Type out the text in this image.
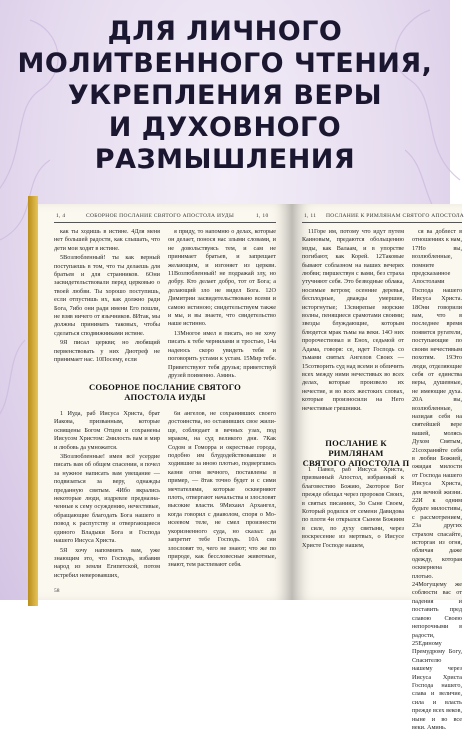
ДЛЯ ЛИЧНОГО
МОЛИТВЕННОГО ЧТЕНИЯ,
УКРЕПЛЕНИЯ ВЕРЫ
И ДУХОВНОГО
РАЗМЫШЛЕНИЯ
1, 4	СОБОРНОЕ ПОСЛАНИЕ СВЯТОГО АПОСТОЛА ИУДЫ	1, 10

как ты ходишь в истине. 4Для меня нет большей радости, как слышать, что дети мои ходят в истине.

5Возлюбленный! ты как верный поступаешь в том, что ты делаешь для братьев и для странников. 6Они засвидетельствовали перед церковью о твоей любви. Ты хорошо поступишь, если отпустишь их, как должно ради Бога, 7ибо они ради имени Его пошли, не взяв ничего от язычников. 8Итак, мы должны принимать таковых, чтобы сделаться сподвижниками истине.

9Я писал церкви; но любящий первенствовать у них Диотреф не принимает нас. 10Посему, если

я приду, то напомню о делах, которые он делает, понося нас злыми словами, и не довольствуясь тем, и сам не принимает братьев, и запрещает желающим, и изгоняет из церкви. 11Возлюбленный! не подражай злу, но добру. Кто делает добро, тот от Бога; а делающий зло не видел Бога. 12О Димитрии засвидетельствовано всеми и самою истиною; свидетельствуем также и мы, и вы знаете, что свидетельство наше истинно.

13Многое имел я писать, но не хочу писать к тебе чернилами и тростью, 14а надеюсь скоро увидеть тебя и поговорить устами к устам. 15Мир тебе. Приветствуют тебя друзья; приветствуй друзей поименно. Аминь.

СОБОРНОЕ ПОСЛАНИЕ СВЯТОГО
АПОСТОЛА ИУДЫ

1 Иуда, раб Иисуса Христа, брат Иакова, призванным, которые освящены Богом Отцем и сохранены Иисусом Христом: 2милость вам и мир и любовь да умножатся.

3Возлюбленные! имея всё усердие писать вам об общем спасении, я почел за нужное написать вам увещание — подвизаться за веру, однажды преданную святым. 4Ибо вкрались некоторые люди, издревле предназначенные к сему осуждению, нечестивые, обращающие благодать Бога нашего в повод к распутству и отвергающиеся единого Владыки Бога и Господа нашего Иисуса Христа.

5Я хочу напомнить вам, уже знающим это, что Господь, избавив народ из земли Египетской, потом истребил неверовавших,

6и ангелов, не сохранивших своего достоинства, но оставивших свое жилище, соблюдает в вечных узах, под мраком, на суд великого дня. 7Как Содом и Гоморра и окрестные города, подобно им блудодействовавшие и ходившие за иною плотью, подвергшись казни огня вечного, поставлены в пример, — 8так точно будет и с сими мечтателями, которые оскверняют плоть, отвергают начальства и злословят высокие власти. 9Михаил Архангел, когда говорил с диаволом, споря о Моисеевом теле, не смел произнести укоризненного суда, но сказал: да запретит тебе Господь. 10А сии злословят то, чего не знают; что же по природе, как бессловесные животные, знают, тем растлевают себя.

58
1, 11 ПОСЛАНИЕ К РИМЛЯНАМ СВЯТОГО АПОСТОЛА

11Горе им, потому что идут путем Каиновым, предаются обольщению мзды, как Валаам, и в упорстве погибают, как Корей. 12Таковые бывают соблазном на ваших вечерях любви; пиршествуя с вами, без страха утучняют себя. Это безводные облака, носимые ветром; осенние деревья, бесплодные, дважды умершие, исторгнутые; 13свирепые морские волны, пенящиеся срамотами своими; звезды блуждающие, которым блюдется мрак тьмы на веки. 14О них пророчествовал и Енох, седьмой от Адама, говоря: се, идет Господь со тьмами святых Ангелов Своих — 15сотворить суд над всеми и обличить всех между ними нечестивых во всех делах, которые произвело их нечестие, и во всех жестоких словах, которые произносили на Него нечестивые грешники.

ся ва доблест в отношениях к нам, 17Но вы, возлюбленные, помните предсказанное Апостолами Господа нашего Иисуса Христа. 18Они говорили вам, что в последнее время появятся ругатели, поступающие по своим нечестивым похотям. 19Это люди, отделяющие себя от единства веры, душевные, не имеющие духа. 20А вы, возлюбленные, назидая себя на святейшей вере вашей, молясь Духом Святым, 21сохраняйте себя в любви Божией, ожидая милости от Господа нашего Иисуса Христа, для вечной жизни. 22И к одним будьте милостивы, с рассмотрением, 23а других страхом спасайте, исторгая из огня, обличая даже одежду, которая осквернена плотью. 24Могущему же соблюсти вас от падения и поставить пред славою Своею непорочными в радости, 25Единому Премудрому Богу, Спасителю нашему через Иисуса Христа Господа нашего, слава и величие, сила и власть прежде всех веков, ныне и во все веки. Аминь.

ПОСЛАНИЕ К РИМЛЯНАМ
СВЯТОГО АПОСТОЛА П

1 Павел, раб Иисуса Христа, призванный Апостол, избранный к благовестию Божию, 2которое Бог прежде обещал через пророков Своих, в святых писаниях, 3о Сыне Своем, Который родился от семени Давидова по плоти 4и открылся Сыном Божиим в силе, по духу святыни, через воскресение из мертвых, о Иисусе Христе Господе нашем,
